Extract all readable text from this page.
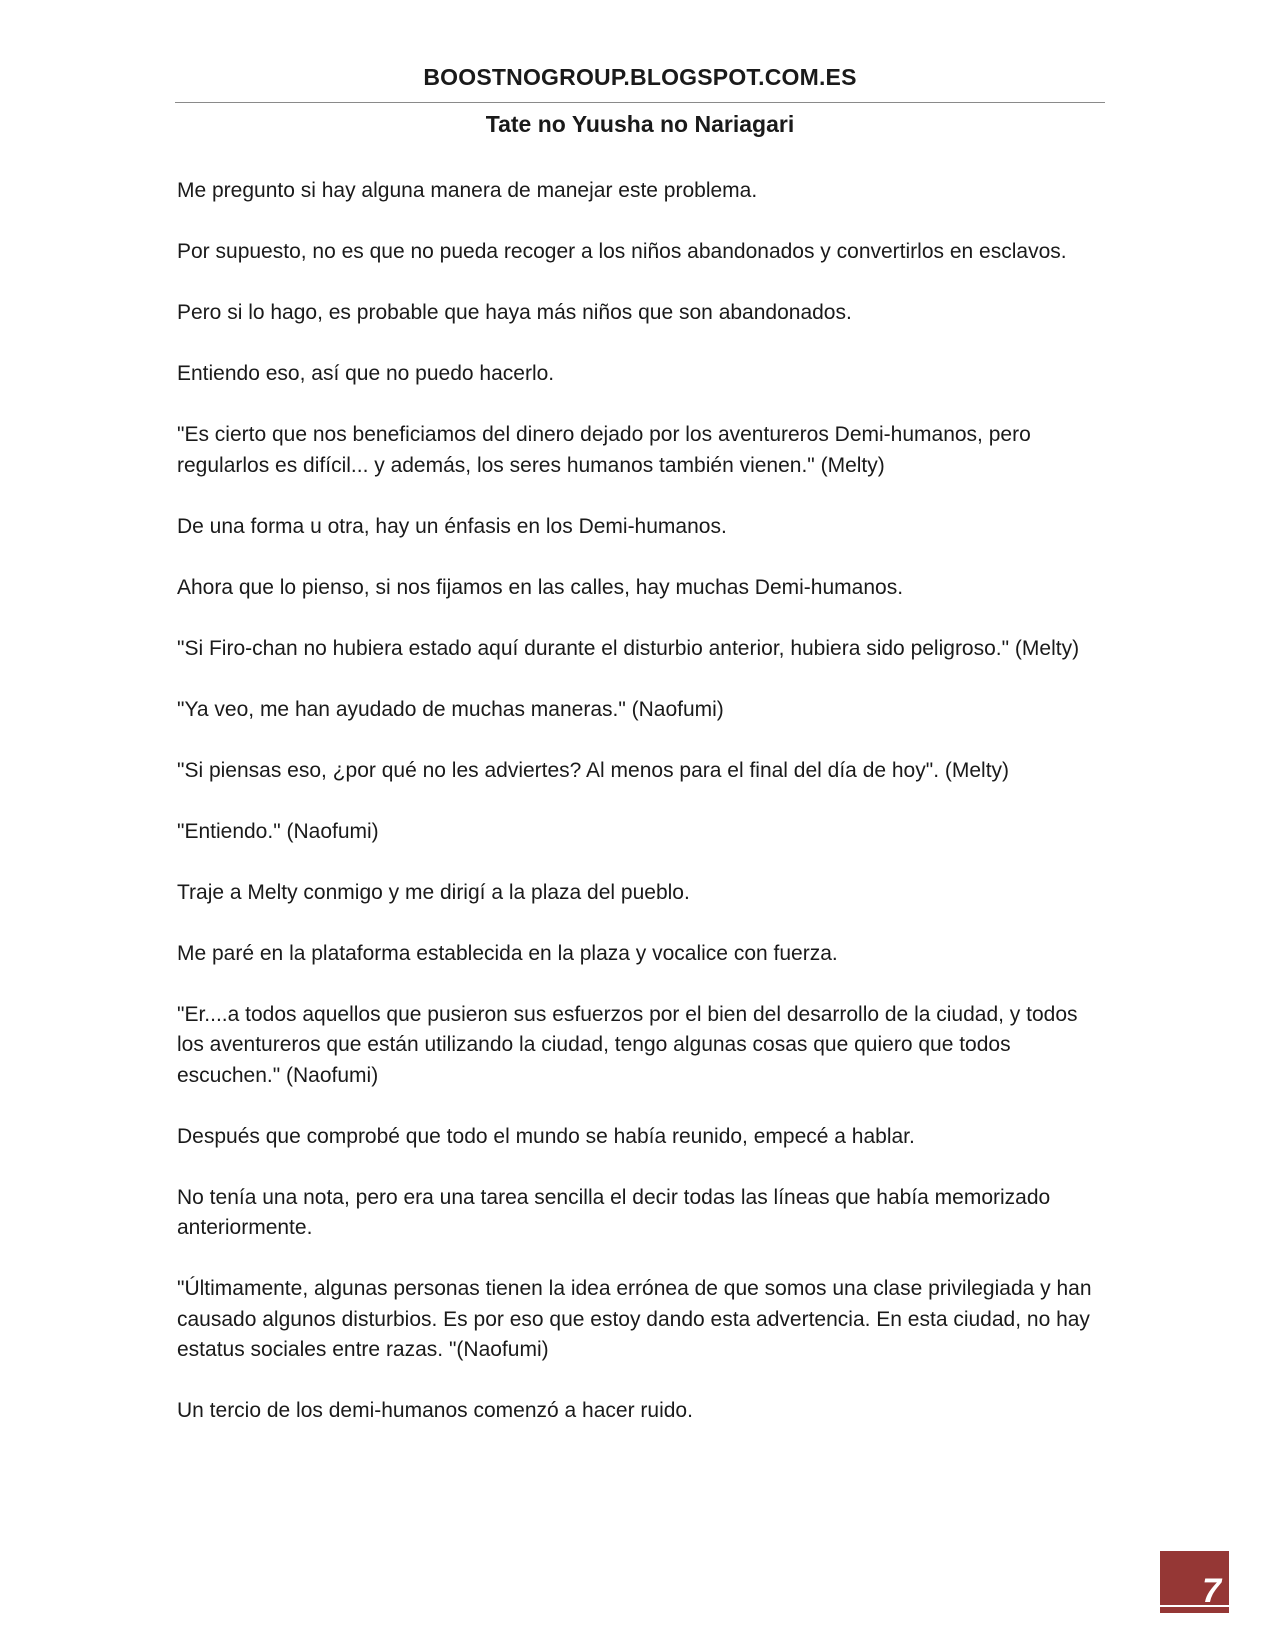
BOOSTNOGROUP.BLOGSPOT.COM.ES
Tate no Yuusha no Nariagari

Me pregunto si hay alguna manera de manejar este problema.

Por supuesto, no es que no pueda recoger a los niños abandonados y convertirlos en esclavos.

Pero si lo hago, es probable que haya más niños que son abandonados.

Entiendo eso, así que no puedo hacerlo.

"Es cierto que nos beneficiamos del dinero dejado por los aventureros Demi-humanos, pero regularlos es difícil... y además, los seres humanos también vienen." (Melty)

De una forma u otra, hay un énfasis en los Demi-humanos.

Ahora que lo pienso, si nos fijamos en las calles, hay muchas Demi-humanos.

"Si Firo-chan no hubiera estado aquí durante el disturbio anterior, hubiera sido peligroso." (Melty)

"Ya veo, me han ayudado de muchas maneras." (Naofumi)

"Si piensas eso, ¿por qué no les adviertes? Al menos para el final del día de hoy". (Melty)

"Entiendo." (Naofumi)

Traje a Melty conmigo y me dirigí a la plaza del pueblo.

Me paré en la plataforma establecida en la plaza y vocalice con fuerza.

"Er....a todos aquellos que pusieron sus esfuerzos por el bien del desarrollo de la ciudad, y todos los aventureros que están utilizando la ciudad, tengo algunas cosas que quiero que todos escuchen." (Naofumi)

Después que comprobé que todo el mundo se había reunido, empecé a hablar.

No tenía una nota, pero era una tarea sencilla el decir todas las líneas que había memorizado anteriormente.

"Últimamente, algunas personas tienen la idea errónea de que somos una clase privilegiada y han causado algunos disturbios. Es por eso que estoy dando esta advertencia. En esta ciudad, no hay estatus sociales entre razas. "(Naofumi)

Un tercio de los demi-humanos comenzó a hacer ruido.

7
